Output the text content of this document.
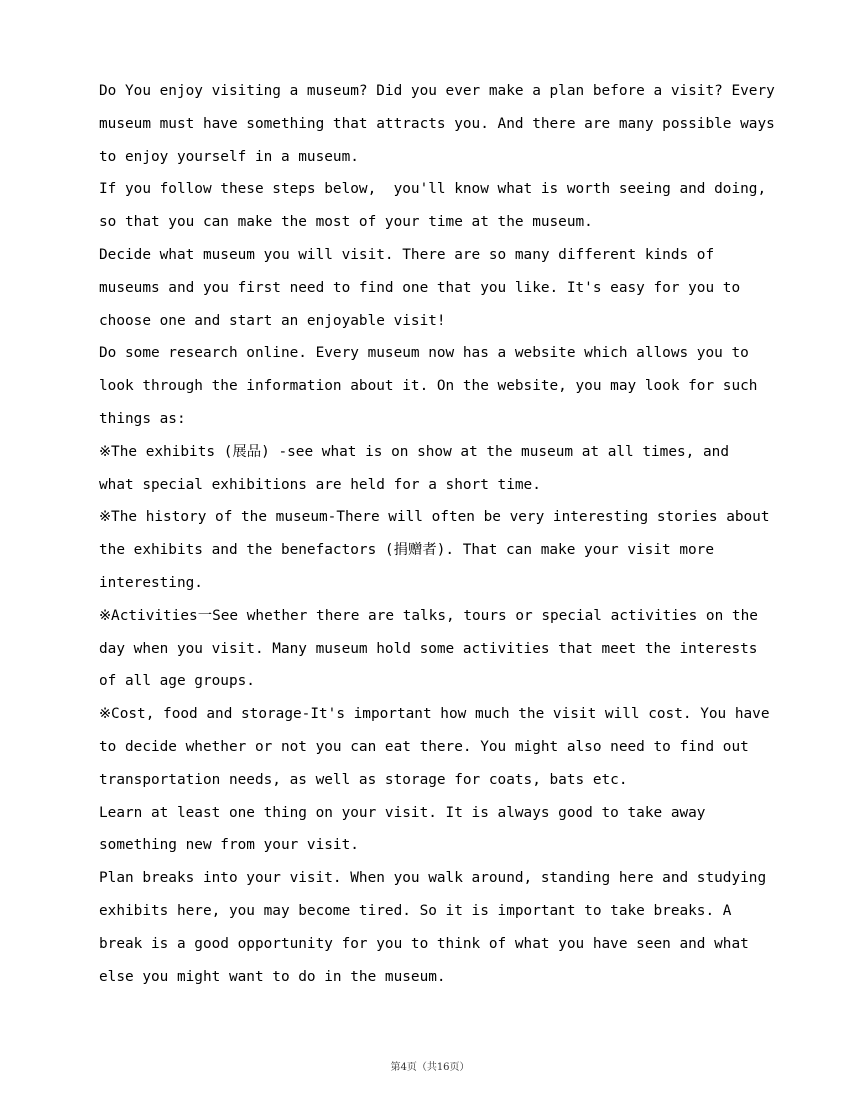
Do You enjoy visiting a museum? Did you ever make a plan before a visit? Every
museum must have something that attracts you. And there are many possible ways
to enjoy yourself in a museum.
If you follow these steps below,  you'll know what is worth seeing and doing,
so that you can make the most of your time at the museum.
Decide what museum you will visit. There are so many different kinds of
museums and you first need to find one that you like. It's easy for you to
choose one and start an enjoyable visit!
Do some research online. Every museum now has a website which allows you to
look through the information about it. On the website, you may look for such
things as:
※The exhibits (展品) -see what is on show at the museum at all times, and
what special exhibitions are held for a short time.
※The history of the museum-There will often be very interesting stories about
the exhibits and the benefactors (捐赠者). That can make your visit more
interesting.
※Activities一See whether there are talks, tours or special activities on the
day when you visit. Many museum hold some activities that meet the interests
of all age groups.
※Cost, food and storage-It's important how much the visit will cost. You have
to decide whether or not you can eat there. You might also need to find out
transportation needs, as well as storage for coats, bats etc.
Learn at least one thing on your visit. It is always good to take away
something new from your visit.
Plan breaks into your visit. When you walk around, standing here and studying
exhibits here, you may become tired. So it is important to take breaks. A
break is a good opportunity for you to think of what you have seen and what
else you might want to do in the museum.
第4页（共16页）
